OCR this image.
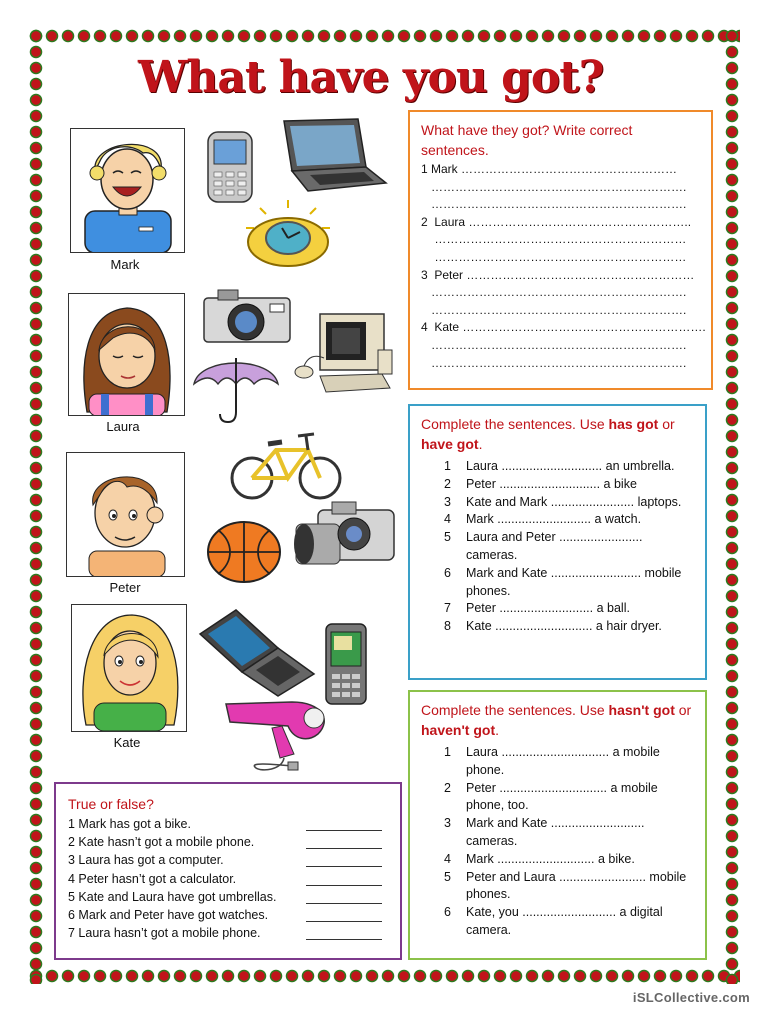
What have you got?
Mark
Laura
Peter
Kate
What have they got? Write correct sentences.
1 Mark ………………………………………………
……………………………………………………….
……………………………………………………….
2  Laura ………………………………………………..
………………………………………………………
………………………………………………………
3  Peter …………………………………………………
……………………………………………………….
……………………………………………………….
4  Kate …………………………………………………….
……………………………………………………….
……………………………………………………….
Complete the sentences. Use has got or have got.
1	Laura ............................. an umbrella.
2	Peter ............................. a bike
3	Kate and Mark ........................ laptops.
4	Mark ........................... a watch.
5	Laura and Peter ........................ cameras.
6	Mark and Kate .......................... mobile phones.
7	Peter ........................... a ball.
8	Kate ............................ a hair dryer.
Complete the sentences. Use hasn't got or haven't got.
1	Laura ............................... a mobile phone.
2	Peter ............................... a mobile phone, too.
3	Mark and Kate ........................... cameras.
4	Mark ............................ a bike.
5	Peter and Laura ......................... mobile phones.
6	Kate, you ........................... a digital camera.
True or false?
1 Mark has got a bike.
2 Kate hasn’t got a mobile phone.
3 Laura has got a computer.
4 Peter hasn’t got a calculator.
5 Kate and Laura have got umbrellas.
6 Mark and Peter have got watches.
7 Laura hasn’t got a mobile phone.
iSLCollective.com
